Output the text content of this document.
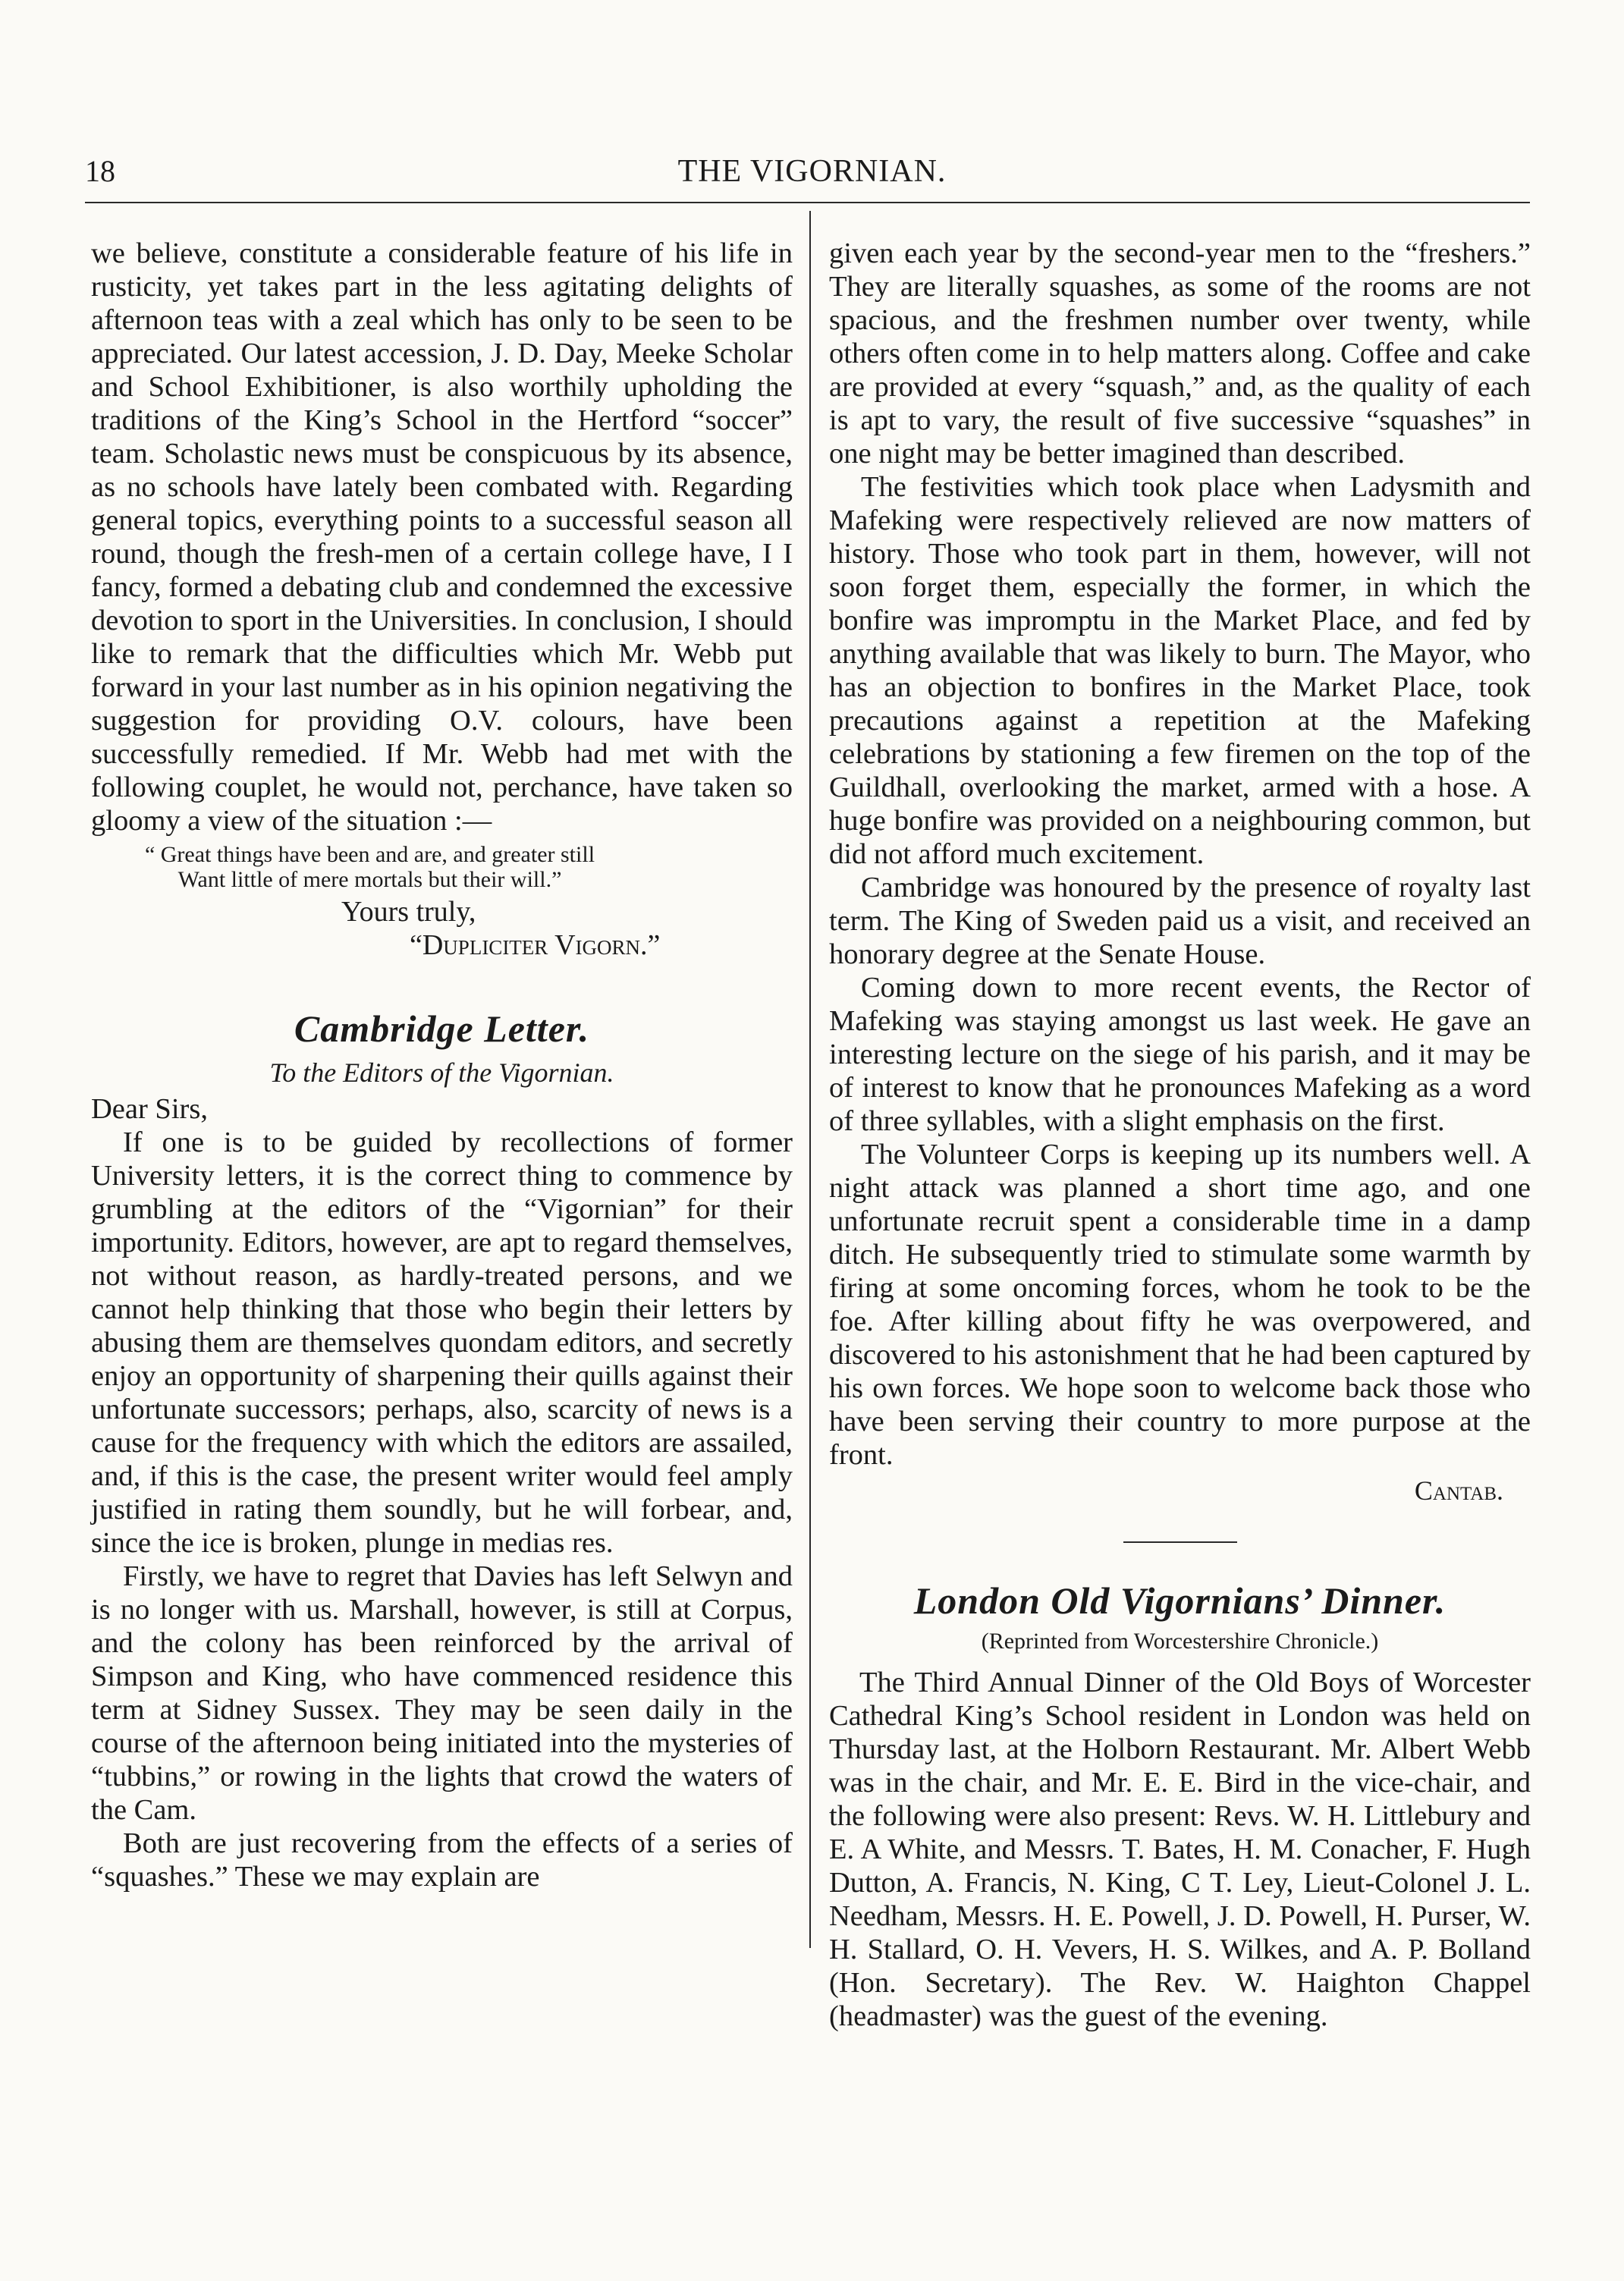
18	THE VIGORNIAN.

we believe, constitute a considerable feature of his life in rusticity, yet takes part in the less agitating delights of afternoon teas with a zeal which has only to be seen to be appreciated. Our latest accession, J. D. Day, Meeke Scholar and School Exhibitioner, is also worthily upholding the traditions of the King’s School in the Hertford “soccer” team. Scholastic news must be conspicuous by its absence, as no schools have lately been combated with. Regarding general topics, everything points to a successful season all round, though the fresh-men of a certain college have, I I fancy, formed a debating club and condemned the excessive devotion to sport in the Universities. In conclusion, I should like to remark that the difficulties which Mr. Webb put forward in your last number as in his opinion negativing the suggestion for providing O.V. colours, have been successfully remedied. If Mr. Webb had met with the following couplet, he would not, perchance, have taken so gloomy a view of the situation :—

“ Great things have been and are, and greater still
Want little of mere mortals but their will.”
Yours truly,
“Dupliciter Vigorn.”
Cambridge Letter.
To the Editors of the Vigornian.
Dear Sirs,

If one is to be guided by recollections of former University letters, it is the correct thing to commence by grumbling at the editors of the “Vigornian” for their importunity. Editors, however, are apt to regard themselves, not without reason, as hardly-treated persons, and we cannot help thinking that those who begin their letters by abusing them are themselves quondam editors, and secretly enjoy an opportunity of sharpening their quills against their unfortunate successors; perhaps, also, scarcity of news is a cause for the frequency with which the editors are assailed, and, if this is the case, the present writer would feel amply justified in rating them soundly, but he will forbear, and, since the ice is broken, plunge in medias res.

Firstly, we have to regret that Davies has left Selwyn and is no longer with us. Marshall, however, is still at Corpus, and the colony has been reinforced by the arrival of Simpson and King, who have commenced residence this term at Sidney Sussex. They may be seen daily in the course of the afternoon being initiated into the mysteries of “tubbins,” or rowing in the lights that crowd the waters of the Cam.

Both are just recovering from the effects of a series of “squashes.” These we may explain are

given each year by the second-year men to the “freshers.” They are literally squashes, as some of the rooms are not spacious, and the freshmen number over twenty, while others often come in to help matters along. Coffee and cake are provided at every “squash,” and, as the quality of each is apt to vary, the result of five successive “squashes” in one night may be better imagined than described.

The festivities which took place when Ladysmith and Mafeking were respectively relieved are now matters of history. Those who took part in them, however, will not soon forget them, especially the former, in which the bonfire was impromptu in the Market Place, and fed by anything available that was likely to burn. The Mayor, who has an objection to bonfires in the Market Place, took precautions against a repetition at the Mafeking celebrations by stationing a few firemen on the top of the Guildhall, overlooking the market, armed with a hose. A huge bonfire was provided on a neighbouring common, but did not afford much excitement.

Cambridge was honoured by the presence of royalty last term. The King of Sweden paid us a visit, and received an honorary degree at the Senate House.

Coming down to more recent events, the Rector of Mafeking was staying amongst us last week. He gave an interesting lecture on the siege of his parish, and it may be of interest to know that he pronounces Mafeking as a word of three syllables, with a slight emphasis on the first.

The Volunteer Corps is keeping up its numbers well. A night attack was planned a short time ago, and one unfortunate recruit spent a considerable time in a damp ditch. He subsequently tried to stimulate some warmth by firing at some oncoming forces, whom he took to be the foe. After killing about fifty he was overpowered, and discovered to his astonishment that he had been captured by his own forces. We hope soon to welcome back those who have been serving their country to more purpose at the front.

Cantab.
London Old Vigornians’ Dinner.
(Reprinted from Worcestershire Chronicle.)

The Third Annual Dinner of the Old Boys of Worcester Cathedral King’s School resident in London was held on Thursday last, at the Holborn Restaurant. Mr. Albert Webb was in the chair, and Mr. E. E. Bird in the vice-chair, and the following were also present: Revs. W. H. Littlebury and E. A White, and Messrs. T. Bates, H. M. Conacher, F. Hugh Dutton, A. Francis, N. King, C T. Ley, Lieut-Colonel J. L. Needham, Messrs. H. E. Powell, J. D. Powell, H. Purser, W. H. Stallard, O. H. Vevers, H. S. Wilkes, and A. P. Bolland (Hon. Secretary). The Rev. W. Haighton Chappel (headmaster) was the guest of the evening.
